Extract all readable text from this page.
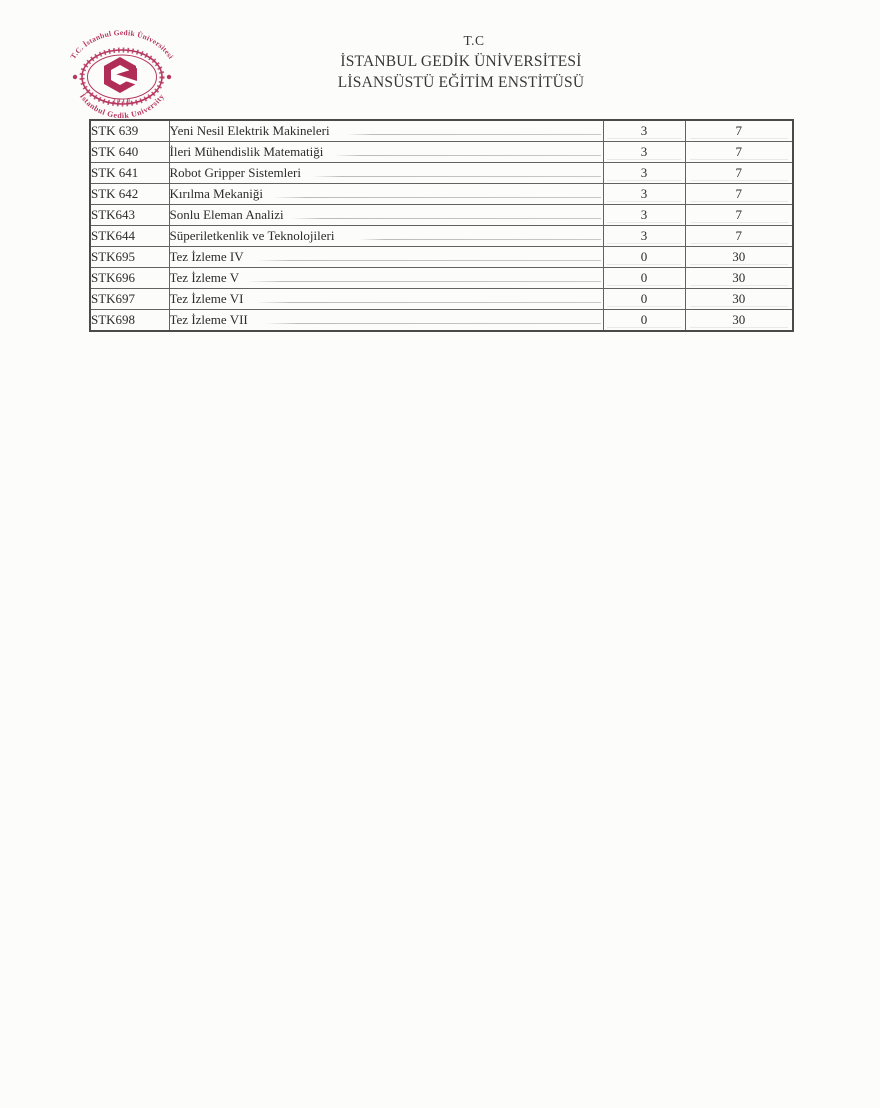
T.C
İSTANBUL GEDİK ÜNİVERSİTESİ
LİSANSÜSTÜ EĞİTİM ENSTİTÜSÜ
2010
T.C. İstanbul Gedik Üniversitesi
İstanbul Gedik University
STK 639	Yeni Nesil Elektrik Makineleri	3	7
STK 640	İleri Mühendislik Matematiği	3	7
STK 641	Robot Gripper Sistemleri	3	7
STK 642	Kırılma Mekaniği	3	7
STK643	Sonlu Eleman Analizi	3	7
STK644	Süperiletkenlik ve Teknolojileri	3	7
STK695	Tez İzleme IV	0	30
STK696	Tez İzleme V	0	30
STK697	Tez İzleme VI	0	30
STK698	Tez İzleme VII	0	30
